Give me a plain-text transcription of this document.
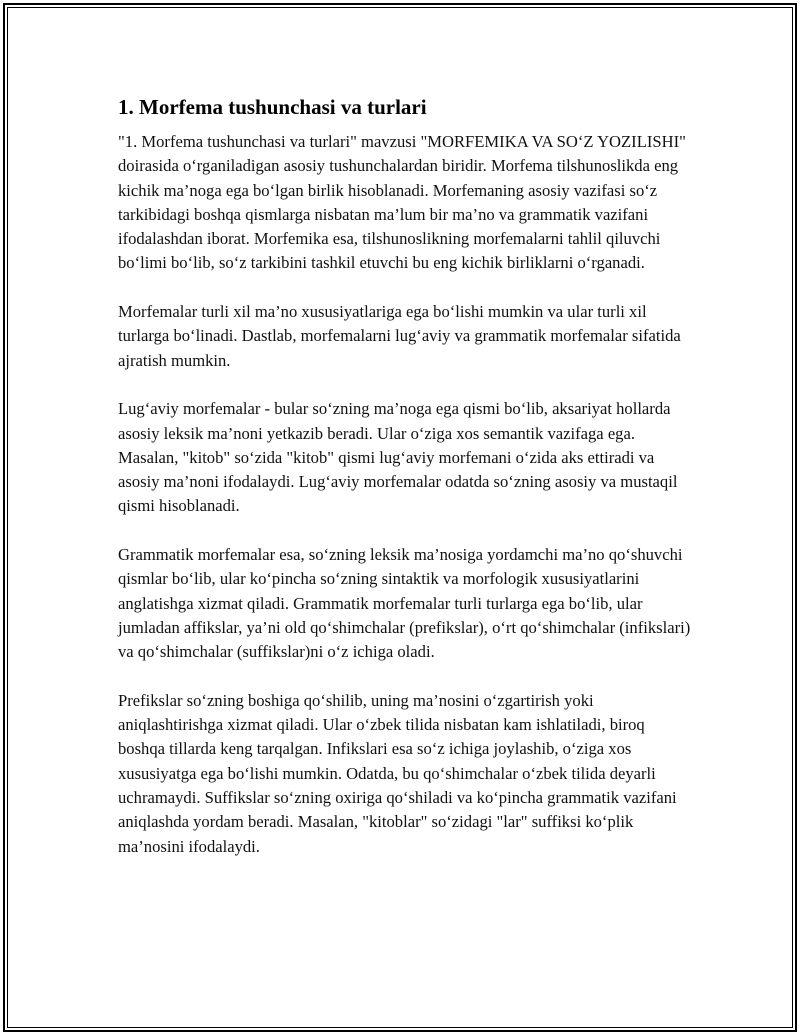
1. Morfema tushunchasi va turlari

"1. Morfema tushunchasi va turlari" mavzusi "MORFEMIKA VA SO‘Z YOZILISHI" doirasida o‘rganiladigan asosiy tushunchalardan biridir. Morfema tilshunoslikda eng kichik ma’noga ega bo‘lgan birlik hisoblanadi. Morfemaning asosiy vazifasi so‘z tarkibidagi boshqa qismlarga nisbatan ma’lum bir ma’no va grammatik vazifani ifodalashdan iborat. Morfemika esa, tilshunoslikning morfemalarni tahlil qiluvchi bo‘limi bo‘lib, so‘z tarkibini tashkil etuvchi bu eng kichik birliklarni o‘rganadi.

Morfemalar turli xil ma’no xususiyatlariga ega bo‘lishi mumkin va ular turli xil turlarga bo‘linadi. Dastlab, morfemalarni lug‘aviy va grammatik morfemalar sifatida ajratish mumkin.

Lug‘aviy morfemalar - bular so‘zning ma’noga ega qismi bo‘lib, aksariyat hollarda asosiy leksik ma’noni yetkazib beradi. Ular o‘ziga xos semantik vazifaga ega. Masalan, "kitob" so‘zida "kitob" qismi lug‘aviy morfemani o‘zida aks ettiradi va asosiy ma’noni ifodalaydi. Lug‘aviy morfemalar odatda so‘zning asosiy va mustaqil qismi hisoblanadi.

Grammatik morfemalar esa, so‘zning leksik ma’nosiga yordamchi ma’no qo‘shuvchi qismlar bo‘lib, ular ko‘pincha so‘zning sintaktik va morfologik xususiyatlarini anglatishga xizmat qiladi. Grammatik morfemalar turli turlarga ega bo‘lib, ular jumladan affikslar, ya’ni old qo‘shimchalar (prefikslar), o‘rt qo‘shimchalar (infikslari) va qo‘shimchalar (suffikslar)ni o‘z ichiga oladi.

Prefikslar so‘zning boshiga qo‘shilib, uning ma’nosini o‘zgartirish yoki aniqlashtirishga xizmat qiladi. Ular o‘zbek tilida nisbatan kam ishlatiladi, biroq boshqa tillarda keng tarqalgan. Infikslari esa so‘z ichiga joylashib, o‘ziga xos xususiyatga ega bo‘lishi mumkin. Odatda, bu qo‘shimchalar o‘zbek tilida deyarli uchramaydi. Suffikslar so‘zning oxiriga qo‘shiladi va ko‘pincha grammatik vazifani aniqlashda yordam beradi. Masalan, "kitoblar" so‘zidagi "lar" suffiksi ko‘plik ma’nosini ifodalaydi.
